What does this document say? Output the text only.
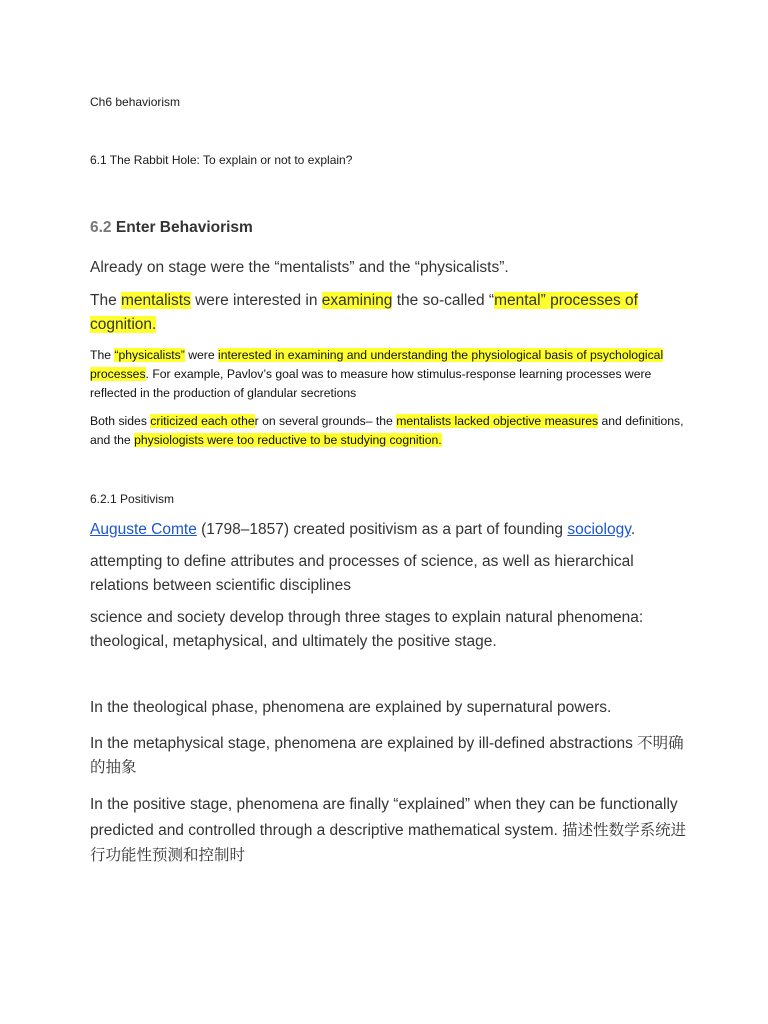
Ch6 behaviorism

6.1 The Rabbit Hole: To explain or not to explain?

6.2 Enter Behaviorism

Already on stage were the “mentalists” and the “physicalists”.

The mentalists were interested in examining the so-called “mental” processes of cognition.

The “physicalists” were interested in examining and understanding the physiological basis of psychological processes. For example, Pavlov’s goal was to measure how stimulus-response learning processes were reflected in the production of glandular secretions

Both sides criticized each other on several grounds– the mentalists lacked objective measures and definitions, and the physiologists were too reductive to be studying cognition.

6.2.1 Positivism

Auguste Comte (1798–1857) created positivism as a part of founding sociology.

attempting to define attributes and processes of science, as well as hierarchical relations between scientific disciplines

science and society develop through three stages to explain natural phenomena: theological, metaphysical, and ultimately the positive stage.

In the theological phase, phenomena are explained by supernatural powers.

In the metaphysical stage, phenomena are explained by ill-defined abstractions 不明确的抽象

In the positive stage, phenomena are finally “explained” when they can be functionally predicted and controlled through a descriptive mathematical system. 描述性数学系统进行功能性预测和控制时
